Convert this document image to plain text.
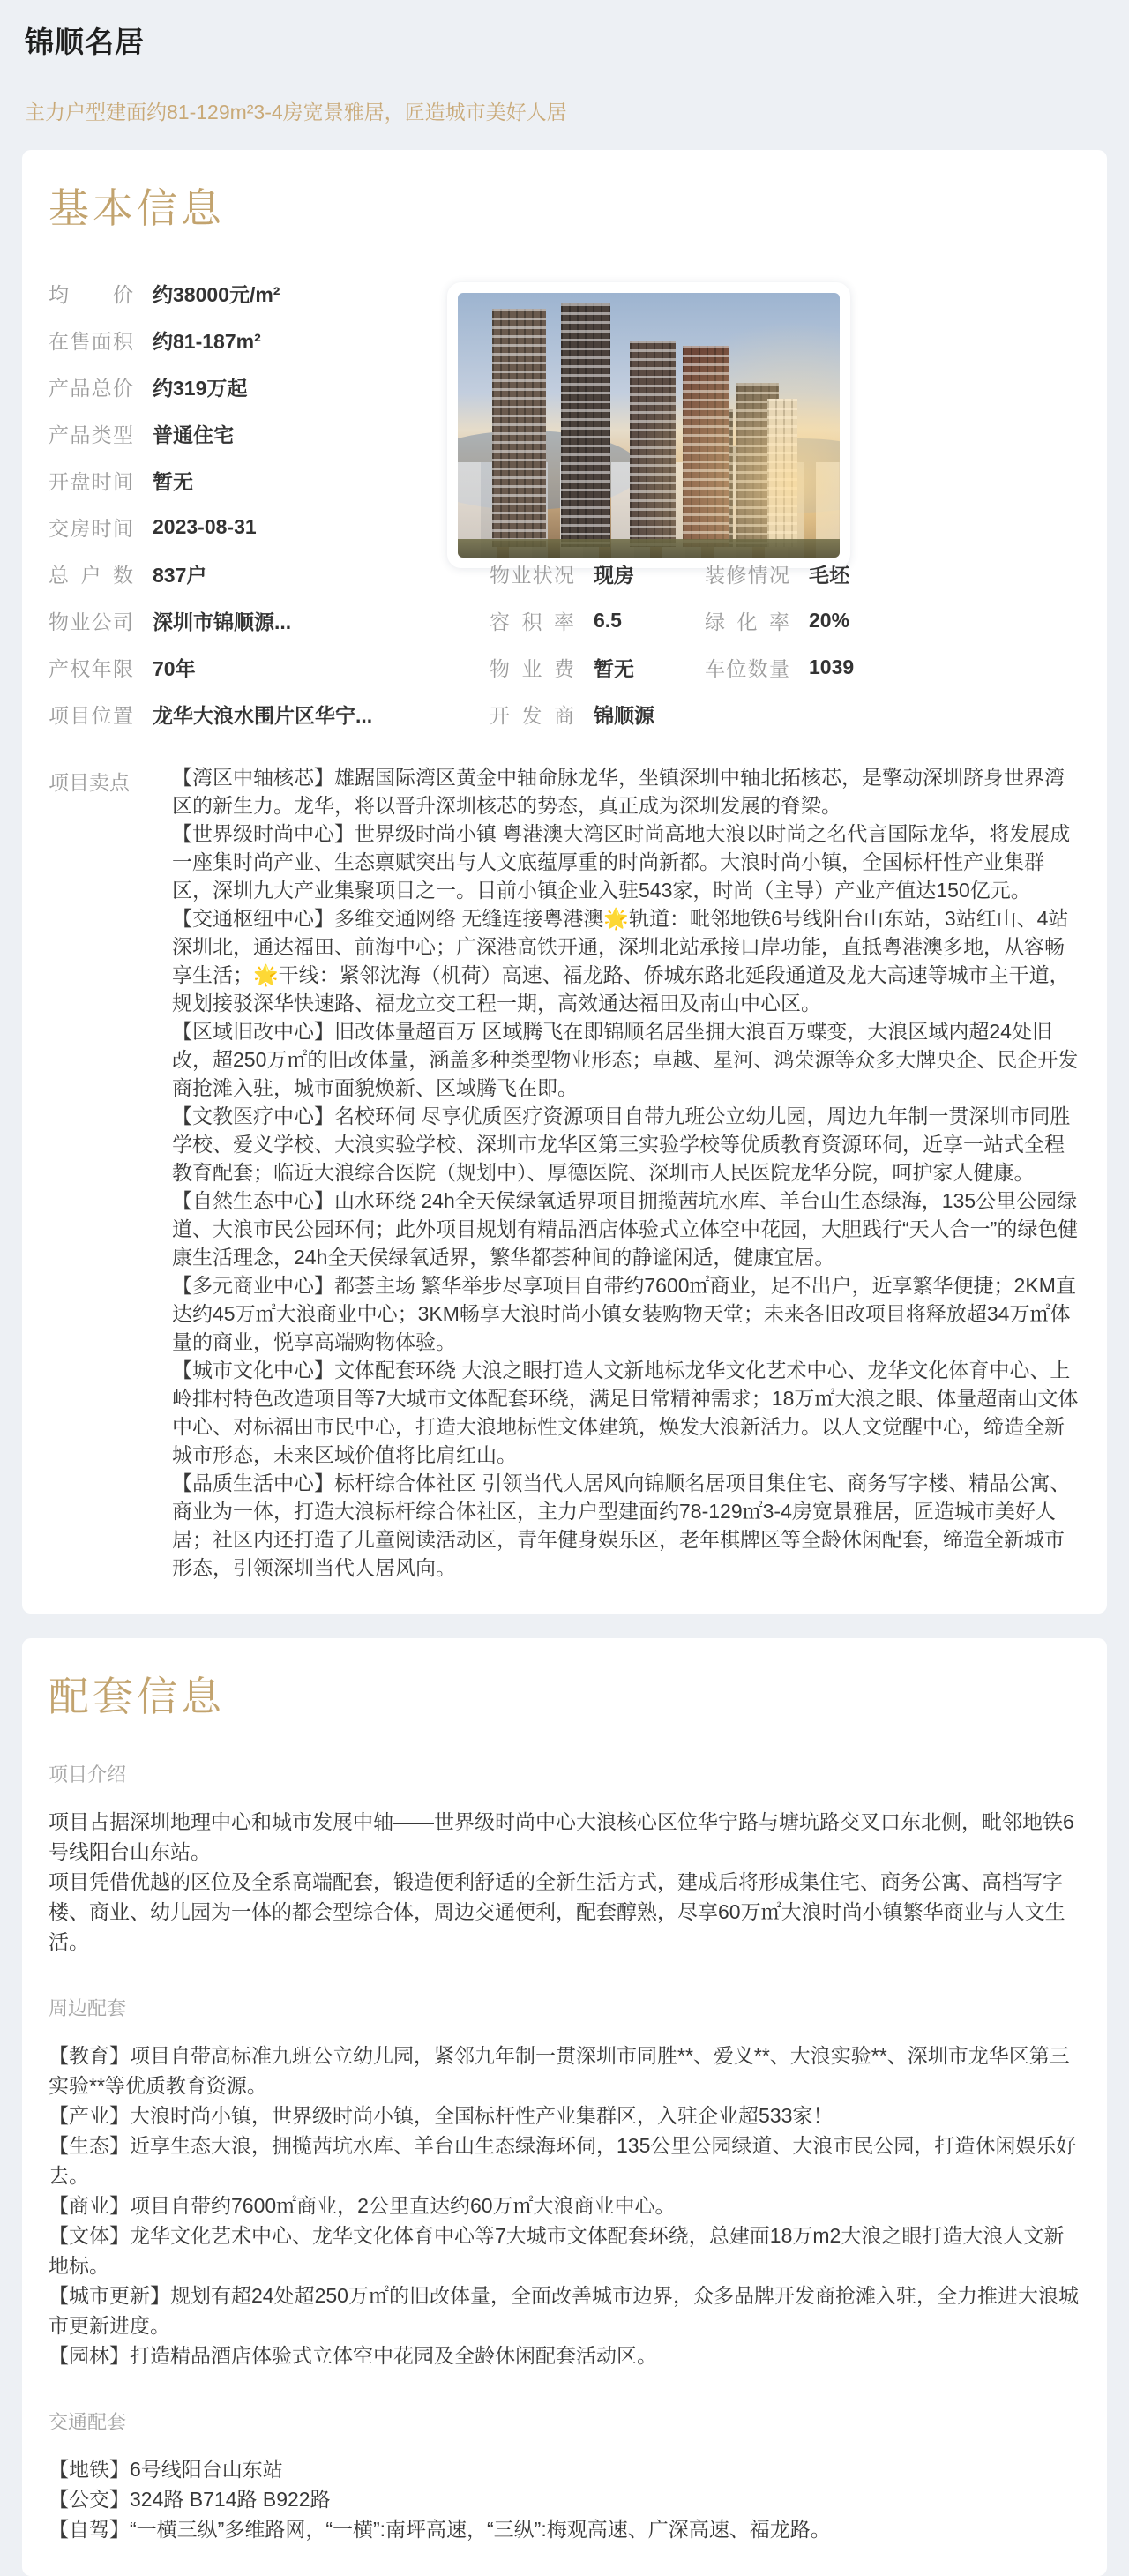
锦顺名居
主力户型建面约81-129m²3-4房宽景雅居，匠造城市美好人居
基本信息
均价 约38000元/m²
在售面积 约81-187m²
产品总价 约319万起
产品类型 普通住宅
开盘时间 暂无
交房时间 2023-08-31
总户数 837户
物业公司 深圳市锦顺源...
产权年限 70年
项目位置 龙华大浪水围片区华宁...
物业状况 现房
容积率 6.5
物业费 暂无
开发商 锦顺源
装修情况 毛坯
绿化率 20%
车位数量 1039
项目卖点	【湾区中轴核芯】雄踞国际湾区黄金中轴命脉龙华，坐镇深圳中轴北拓核芯，是擎动深圳跻身世界湾区的新生力。龙华，将以晋升深圳核芯的势态，真正成为深圳发展的脊梁。
【世界级时尚中心】世界级时尚小镇 粤港澳大湾区时尚高地大浪以时尚之名代言国际龙华，将发展成一座集时尚产业、生态禀赋突出与人文底蕴厚重的时尚新都。大浪时尚小镇，全国标杆性产业集群区，深圳九大产业集聚项目之一。目前小镇企业入驻543家，时尚（主导）产业产值达150亿元。
【交通枢纽中心】多维交通网络 无缝连接粤港澳🌟轨道：毗邻地铁6号线阳台山东站，3站红山、4站深圳北，通达福田、前海中心；广深港高铁开通，深圳北站承接口岸功能，直抵粤港澳多地，从容畅享生活；🌟干线：紧邻沈海（机荷）高速、福龙路、侨城东路北延段通道及龙大高速等城市主干道，规划接驳深华快速路、福龙立交工程一期，高效通达福田及南山中心区。
【区域旧改中心】旧改体量超百万 区域腾飞在即锦顺名居坐拥大浪百万蝶变，大浪区域内超24处旧改，超250万㎡的旧改体量，涵盖多种类型物业形态；卓越、星河、鸿荣源等众多大牌央企、民企开发商抢滩入驻，城市面貌焕新、区域腾飞在即。
【文教医疗中心】名校环伺 尽享优质医疗资源项目自带九班公立幼儿园，周边九年制一贯深圳市同胜学校、爱义学校、大浪实验学校、深圳市龙华区第三实验学校等优质教育资源环伺，近享一站式全程教育配套；临近大浪综合医院（规划中）、厚德医院、深圳市人民医院龙华分院，呵护家人健康。
【自然生态中心】山水环绕 24h全天侯绿氧适界项目拥揽茜坑水库、羊台山生态绿海，135公里公园绿道、大浪市民公园环伺；此外项目规划有精品酒店体验式立体空中花园，大胆践行“天人合一”的绿色健康生活理念，24h全天侯绿氧适界，繁华都荟种间的静谧闲适，健康宜居。
【多元商业中心】都荟主场 繁华举步尽享项目自带约7600㎡商业，足不出户，近享繁华便捷；2KM直达约45万㎡大浪商业中心；3KM畅享大浪时尚小镇女装购物天堂；未来各旧改项目将释放超34万㎡体量的商业，悦享高端购物体验。
【城市文化中心】文体配套环绕 大浪之眼打造人文新地标龙华文化艺术中心、龙华文化体育中心、上岭排村特色改造项目等7大城市文体配套环绕，满足日常精神需求；18万㎡大浪之眼、体量超南山文体中心、对标福田市民中心，打造大浪地标性文体建筑，焕发大浪新活力。以人文觉醒中心，缔造全新城市形态，未来区域价值将比肩红山。
【品质生活中心】标杆综合体社区 引领当代人居风向锦顺名居项目集住宅、商务写字楼、精品公寓、商业为一体，打造大浪标杆综合体社区，主力户型建面约78-129㎡3-4房宽景雅居，匠造城市美好人居；社区内还打造了儿童阅读活动区，青年健身娱乐区，老年棋牌区等全龄休闲配套，缔造全新城市形态，引领深圳当代人居风向。
配套信息
项目介绍
项目占据深圳地理中心和城市发展中轴——世界级时尚中心大浪核心区位华宁路与塘坑路交叉口东北侧，毗邻地铁6号线阳台山东站。
项目凭借优越的区位及全系高端配套，锻造便利舒适的全新生活方式，建成后将形成集住宅、商务公寓、高档写字楼、商业、幼儿园为一体的都会型综合体，周边交通便利，配套醇熟，尽享60万㎡大浪时尚小镇繁华商业与人文生活。
周边配套
【教育】项目自带高标准九班公立幼儿园，紧邻九年制一贯深圳市同胜**、爱义**、大浪实验**、深圳市龙华区第三实验**等优质教育资源。
【产业】大浪时尚小镇，世界级时尚小镇，全国标杆性产业集群区，入驻企业超533家！
【生态】近享生态大浪，拥揽茜坑水库、羊台山生态绿海环伺，135公里公园绿道、大浪市民公园，打造休闲娱乐好去。
【商业】项目自带约7600㎡商业，2公里直达约60万㎡大浪商业中心。
【文体】龙华文化艺术中心、龙华文化体育中心等7大城市文体配套环绕，总建面18万m2大浪之眼打造大浪人文新地标。
【城市更新】规划有超24处超250万㎡的旧改体量，全面改善城市边界，众多品牌开发商抢滩入驻，全力推进大浪城市更新进度。
【园林】打造精品酒店体验式立体空中花园及全龄休闲配套活动区。
交通配套
【地铁】6号线阳台山东站
【公交】324路 B714路 B922路
【自驾】“一横三纵”多维路网，“一横”:南坪高速，“三纵”:梅观高速、广深高速、福龙路。
